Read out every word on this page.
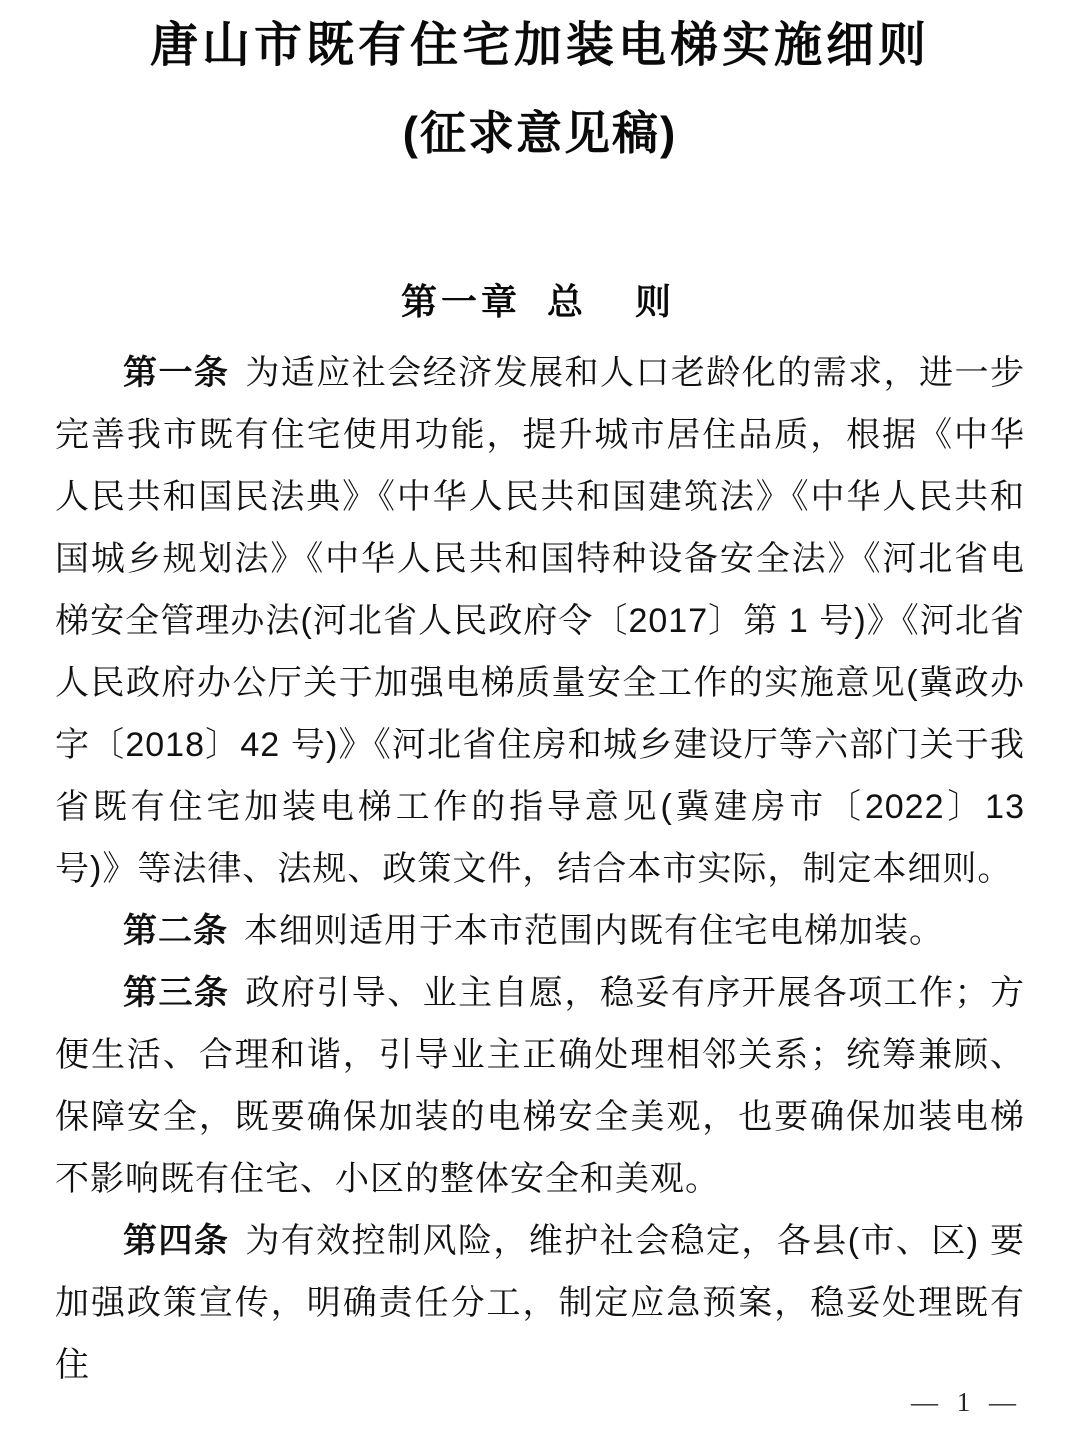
唐山市既有住宅加装电梯实施细则
(征求意见稿)
第一章 总　则

第一条 为适应社会经济发展和人口老龄化的需求，进一步完善我市既有住宅使用功能，提升城市居住品质，根据《中华人民共和国民法典》《中华人民共和国建筑法》《中华人民共和国城乡规划法》《中华人民共和国特种设备安全法》《河北省电梯安全管理办法(河北省人民政府令〔2017〕第 1 号)》《河北省人民政府办公厅关于加强电梯质量安全工作的实施意见(冀政办字〔2018〕42 号)》《河北省住房和城乡建设厅等六部门关于我省既有住宅加装电梯工作的指导意见(冀建房市〔2022〕13 号)》等法律、法规、政策文件，结合本市实际，制定本细则。

第二条 本细则适用于本市范围内既有住宅电梯加装。

第三条 政府引导、业主自愿，稳妥有序开展各项工作；方便生活、合理和谐，引导业主正确处理相邻关系；统筹兼顾、保障安全，既要确保加装的电梯安全美观，也要确保加装电梯不影响既有住宅、小区的整体安全和美观。

第四条 为有效控制风险，维护社会稳定，各县(市、区) 要加强政策宣传，明确责任分工，制定应急预案，稳妥处理既有住

— 1 —
